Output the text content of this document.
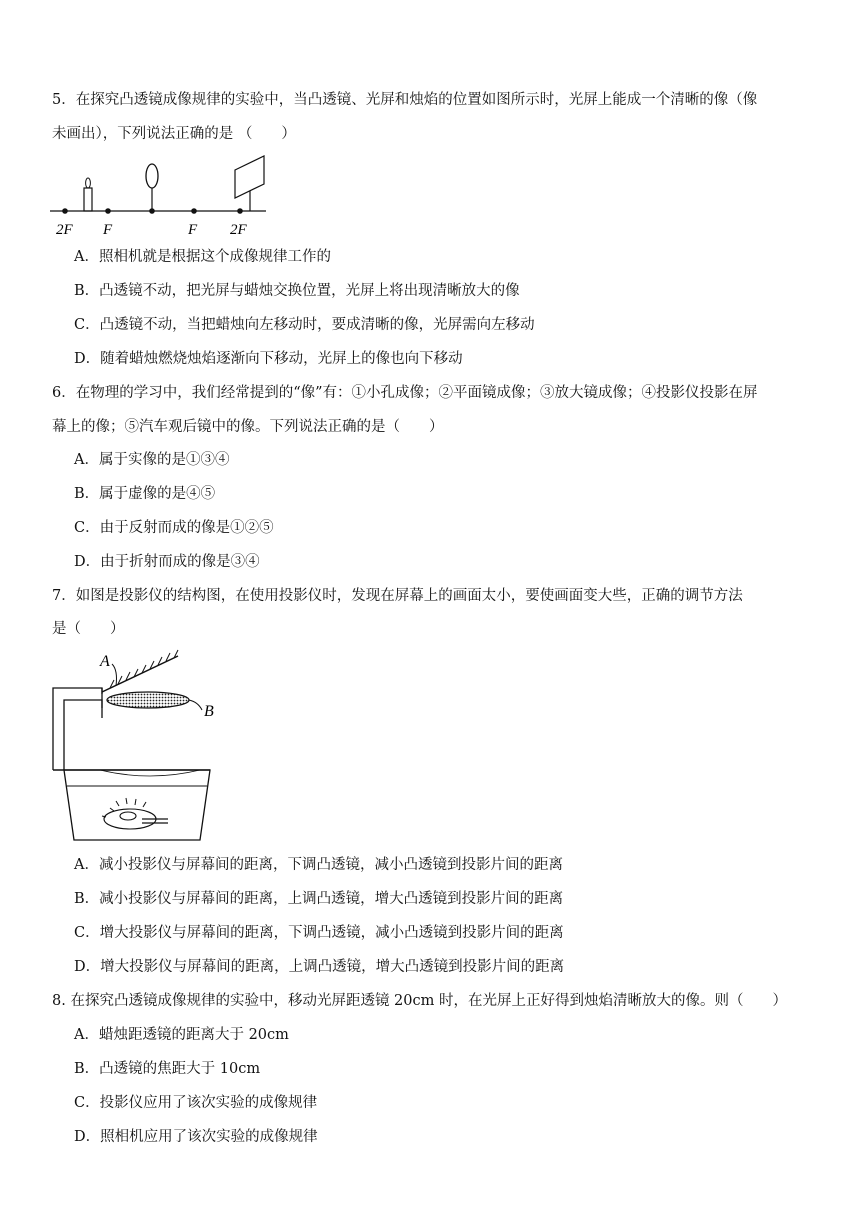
5．在探究凸透镜成像规律的实验中，当凸透镜、光屏和烛焰的位置如图所示时，光屏上能成一个清晰的像（像
未画出），下列说法正确的是 （　　）
2F F	F 2F
A．照相机就是根据这个成像规律工作的
B．凸透镜不动，把光屏与蜡烛交换位置，光屏上将出现清晰放大的像
C．凸透镜不动，当把蜡烛向左移动时，要成清晰的像，光屏需向左移动
D．随着蜡烛燃烧烛焰逐渐向下移动，光屏上的像也向下移动
6．在物理的学习中，我们经常提到的“像”有：①小孔成像；②平面镜成像；③放大镜成像；④投影仪投影在屏
幕上的像；⑤汽车观后镜中的像。下列说法正确的是（　　）
A．属于实像的是①③④
B．属于虚像的是④⑤
C．由于反射而成的像是①②⑤
D．由于折射而成的像是③④
7．如图是投影仪的结构图，在使用投影仪时，发现在屏幕上的画面太小，要使画面变大些，正确的调节方法
是（　　）
A
B
A．减小投影仪与屏幕间的距离，下调凸透镜，减小凸透镜到投影片间的距离
B．减小投影仪与屏幕间的距离，上调凸透镜，增大凸透镜到投影片间的距离
C．增大投影仪与屏幕间的距离，下调凸透镜，减小凸透镜到投影片间的距离
D．增大投影仪与屏幕间的距离，上调凸透镜，增大凸透镜到投影片间的距离
8. 在探究凸透镜成像规律的实验中，移动光屏距透镜 20cm 时，在光屏上正好得到烛焰清晰放大的像。则（　　）
A．蜡烛距透镜的距离大于 20cm
B．凸透镜的焦距大于 10cm
C．投影仪应用了该次实验的成像规律
D．照相机应用了该次实验的成像规律
